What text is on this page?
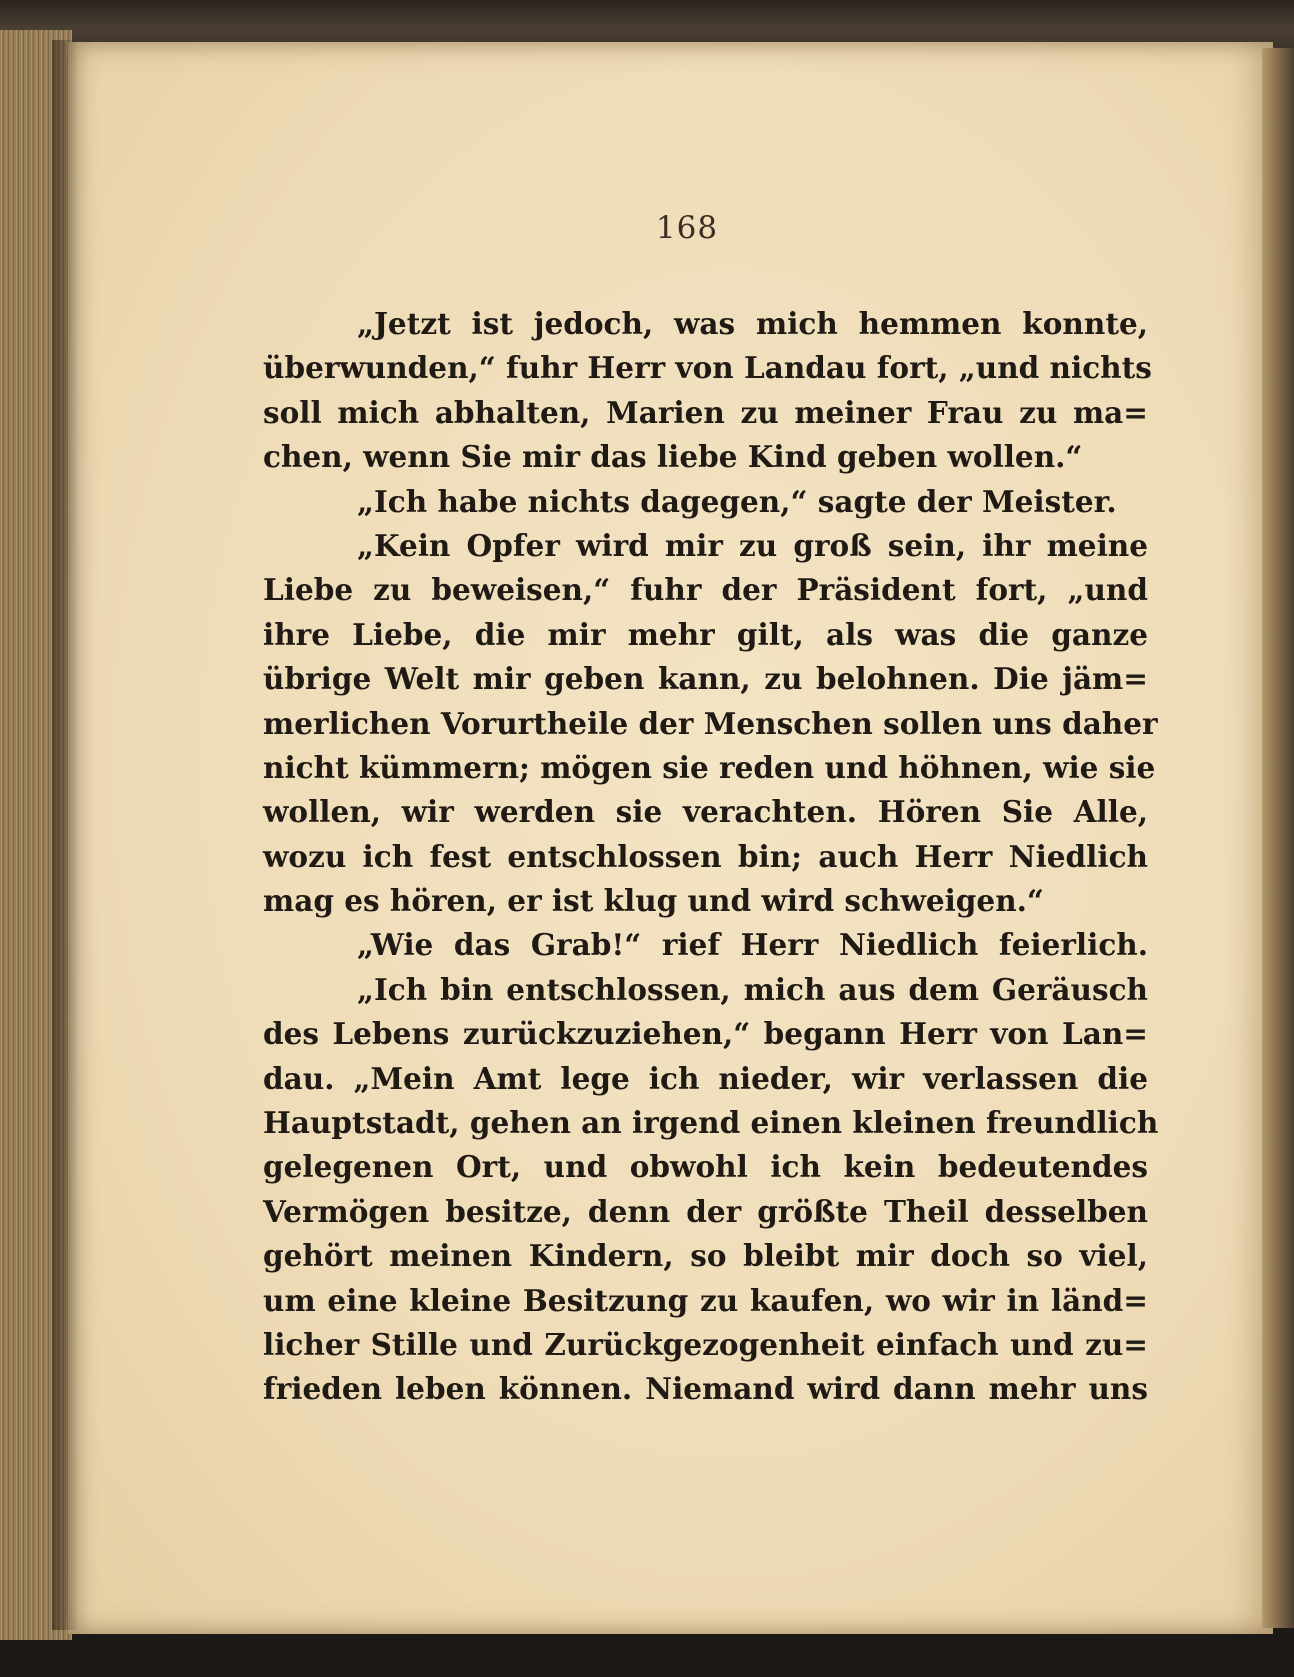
168
„Jetzt ist jedoch, was mich hemmen konnte,
überwunden,“ fuhr Herr von Landau fort, „und nichts
soll mich abhalten, Marien zu meiner Frau zu ma=
chen, wenn Sie mir das liebe Kind geben wollen.“
„Ich habe nichts dagegen,“ sagte der Meister.
„Kein Opfer wird mir zu groß sein, ihr meine
Liebe zu beweisen,“ fuhr der Präsident fort, „und
ihre Liebe, die mir mehr gilt, als was die ganze
übrige Welt mir geben kann, zu belohnen. Die jäm=
merlichen Vorurtheile der Menschen sollen uns daher
nicht kümmern; mögen sie reden und höhnen, wie sie
wollen, wir werden sie verachten. Hören Sie Alle,
wozu ich fest entschlossen bin; auch Herr Niedlich
mag es hören, er ist klug und wird schweigen.“
„Wie das Grab!“ rief Herr Niedlich feierlich.
„Ich bin entschlossen, mich aus dem Geräusch
des Lebens zurückzuziehen,“ begann Herr von Lan=
dau. „Mein Amt lege ich nieder, wir verlassen die
Hauptstadt, gehen an irgend einen kleinen freundlich
gelegenen Ort, und obwohl ich kein bedeutendes
Vermögen besitze, denn der größte Theil desselben
gehört meinen Kindern, so bleibt mir doch so viel,
um eine kleine Besitzung zu kaufen, wo wir in länd=
licher Stille und Zurückgezogenheit einfach und zu=
frieden leben können. Niemand wird dann mehr uns
